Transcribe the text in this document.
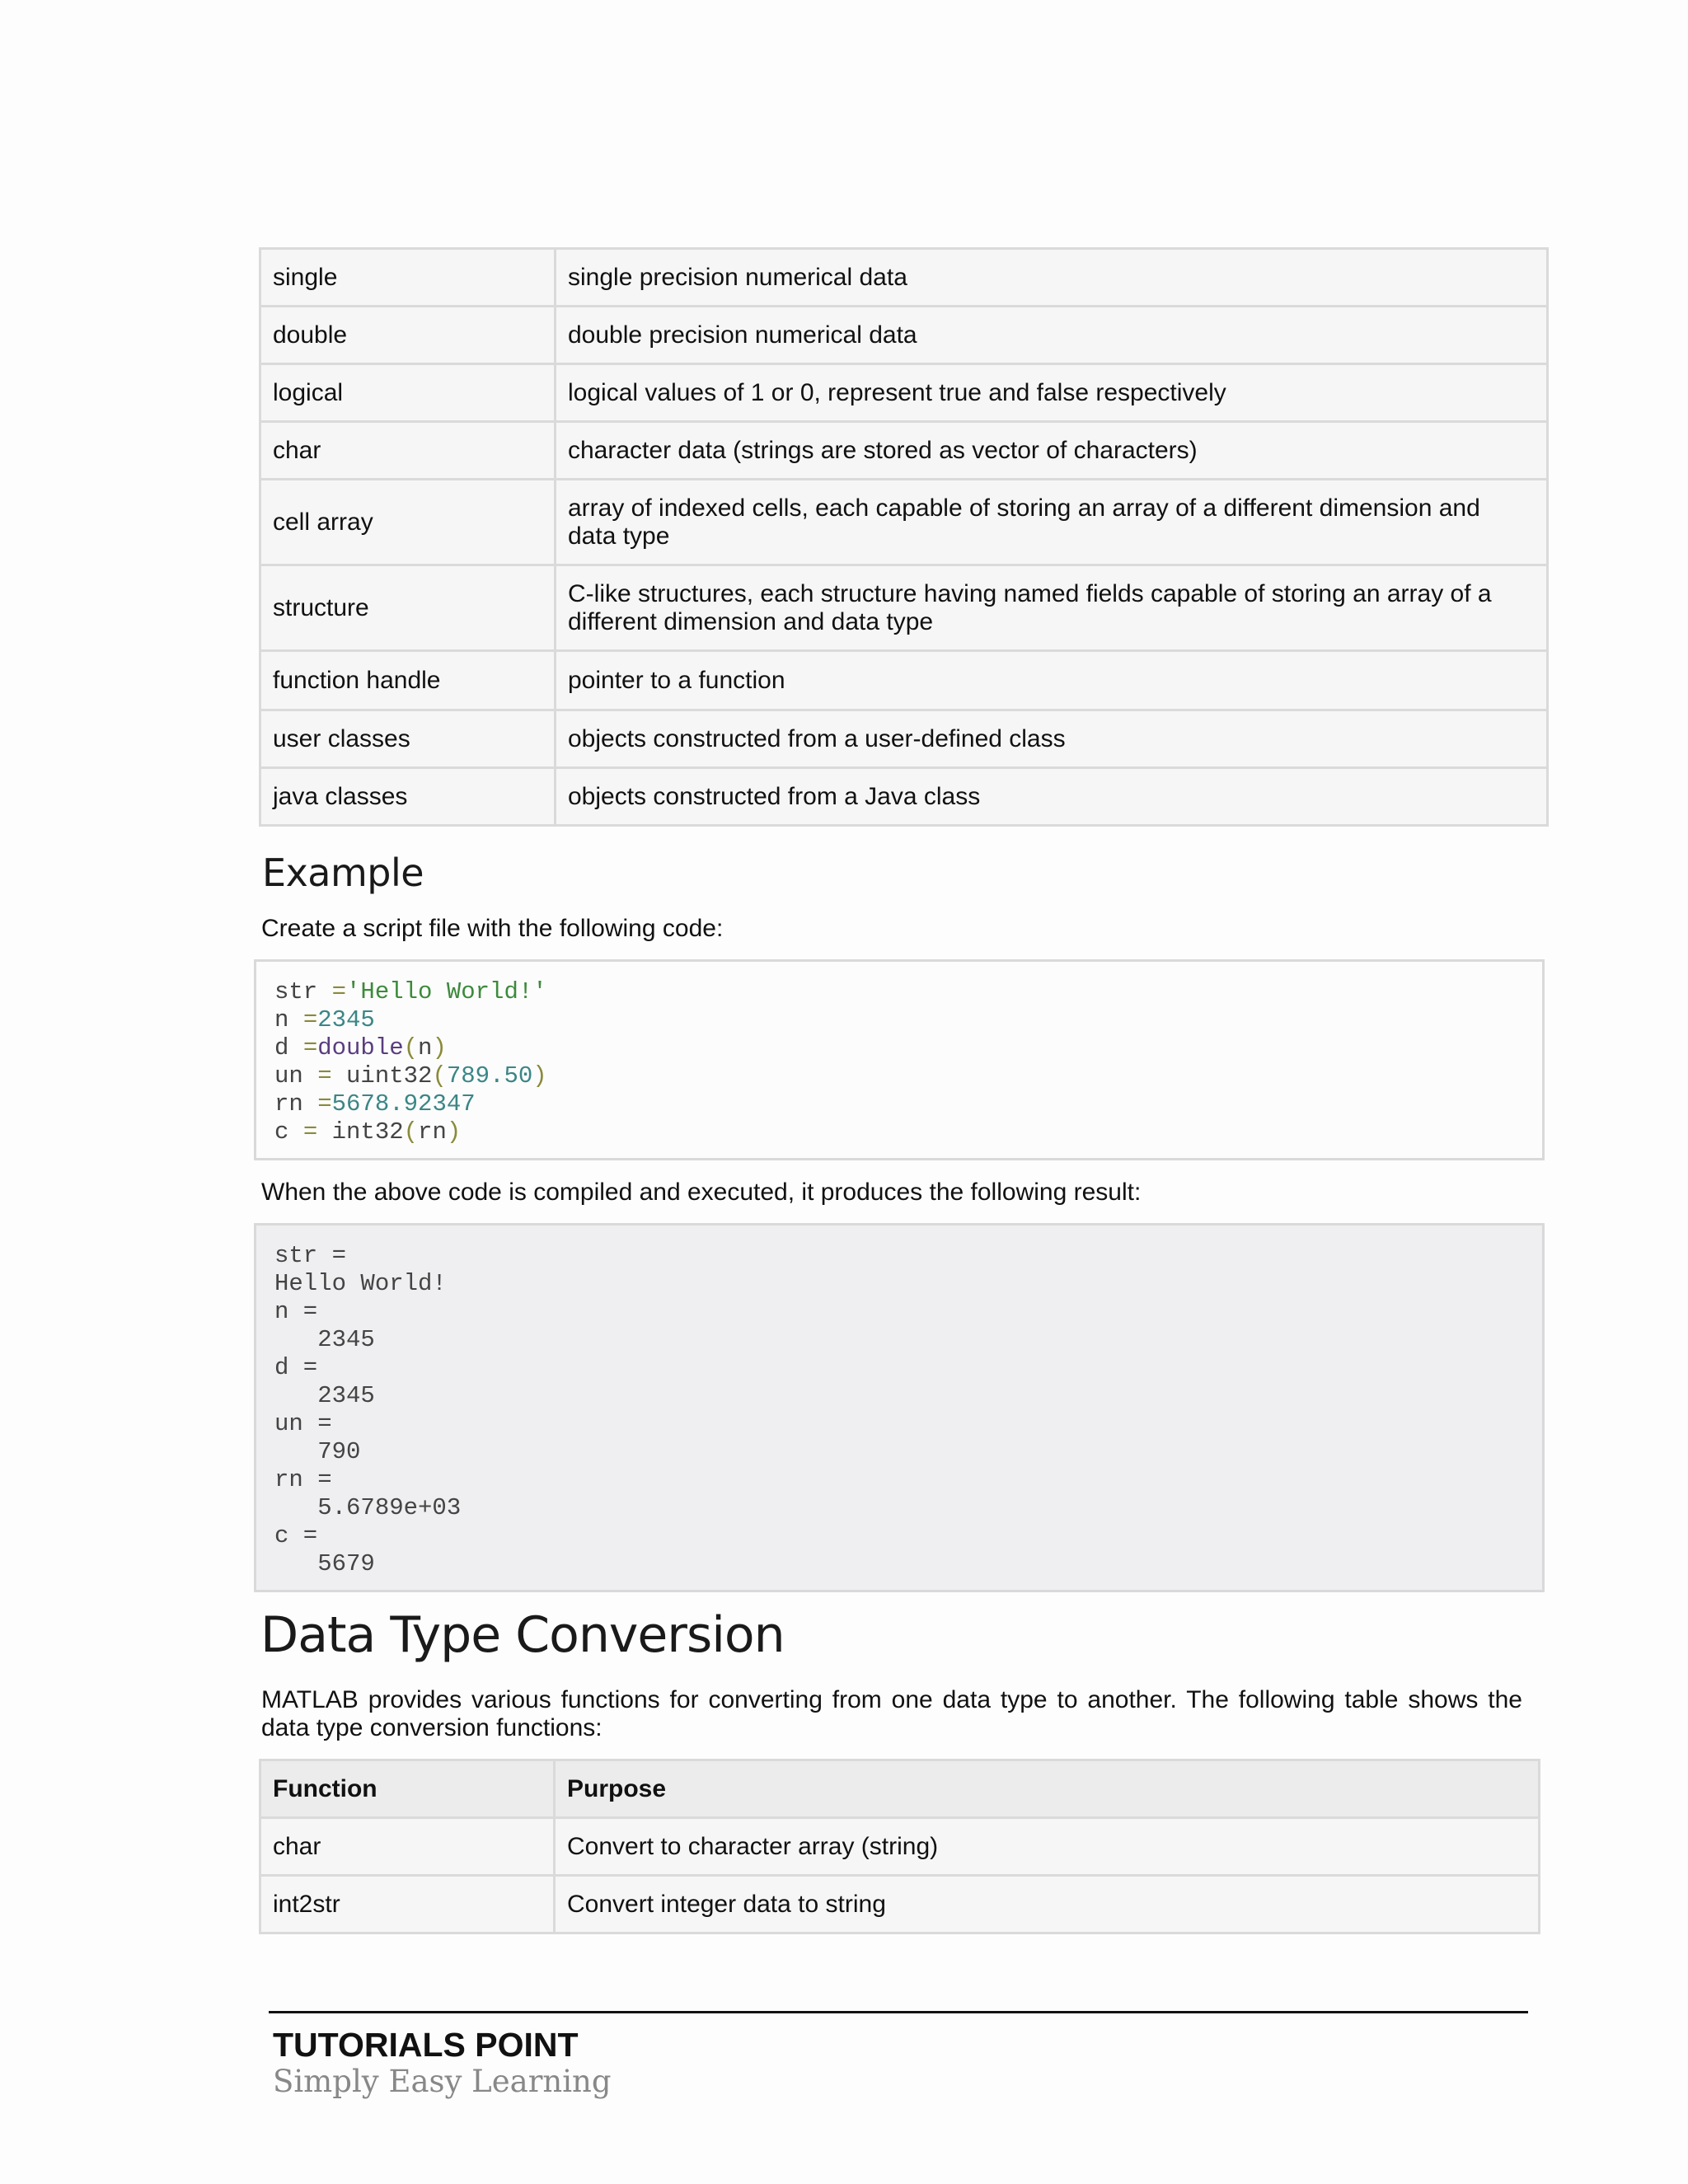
single	single precision numerical data
double	double precision numerical data
logical	logical values of 1 or 0, represent true and false respectively
char	character data (strings are stored as vector of characters)
cell array	array of indexed cells, each capable of storing an array of a different dimension and data type
structure	C-like structures, each structure having named fields capable of storing an array of a different dimension and data type
function handle	pointer to a function
user classes	objects constructed from a user-defined class
java classes	objects constructed from a Java class
Example

Create a script file with the following code:

str ='Hello World!'
n =2345
d =double(n)
un = uint32(789.50)
rn =5678.92347
c = int32(rn)

When the above code is compiled and executed, it produces the following result:

str =
Hello World!
n =
2345
d =
2345
un =
790
rn =
5.6789e+03
c =
5679
Data Type Conversion

MATLAB provides various functions for converting from one data type to another. The following table shows the data type conversion functions:

Function	Purpose
char	Convert to character array (string)
int2str	Convert integer data to string

TUTORIALS POINT

Simply Easy Learning
